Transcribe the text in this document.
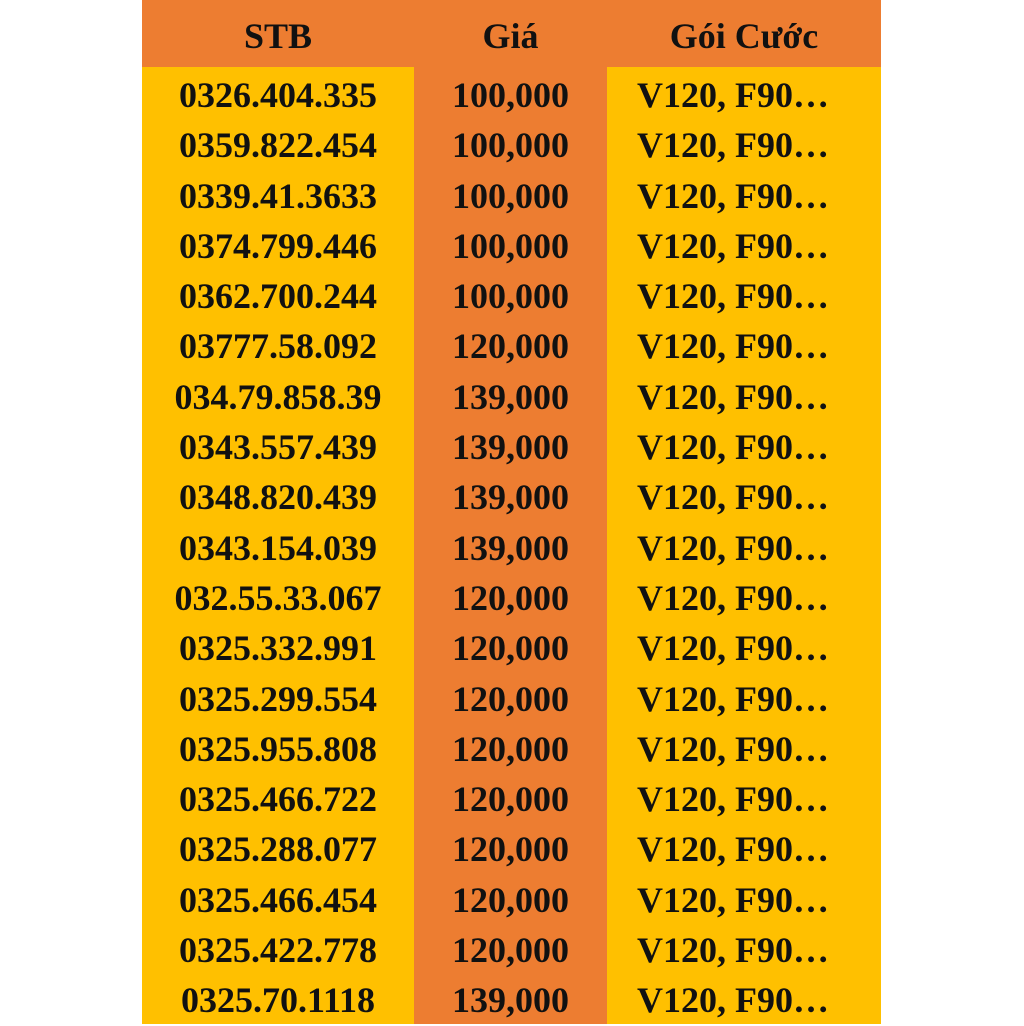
STB	Giá	Gói Cước
0326.404.335	100,000	V120, F90…
0359.822.454	100,000	V120, F90…
0339.41.3633	100,000	V120, F90…
0374.799.446	100,000	V120, F90…
0362.700.244	100,000	V120, F90…
03777.58.092	120,000	V120, F90…
034.79.858.39	139,000	V120, F90…
0343.557.439	139,000	V120, F90…
0348.820.439	139,000	V120, F90…
0343.154.039	139,000	V120, F90…
032.55.33.067	120,000	V120, F90…
0325.332.991	120,000	V120, F90…
0325.299.554	120,000	V120, F90…
0325.955.808	120,000	V120, F90…
0325.466.722	120,000	V120, F90…
0325.288.077	120,000	V120, F90…
0325.466.454	120,000	V120, F90…
0325.422.778	120,000	V120, F90…
0325.70.1118	139,000	V120, F90…
